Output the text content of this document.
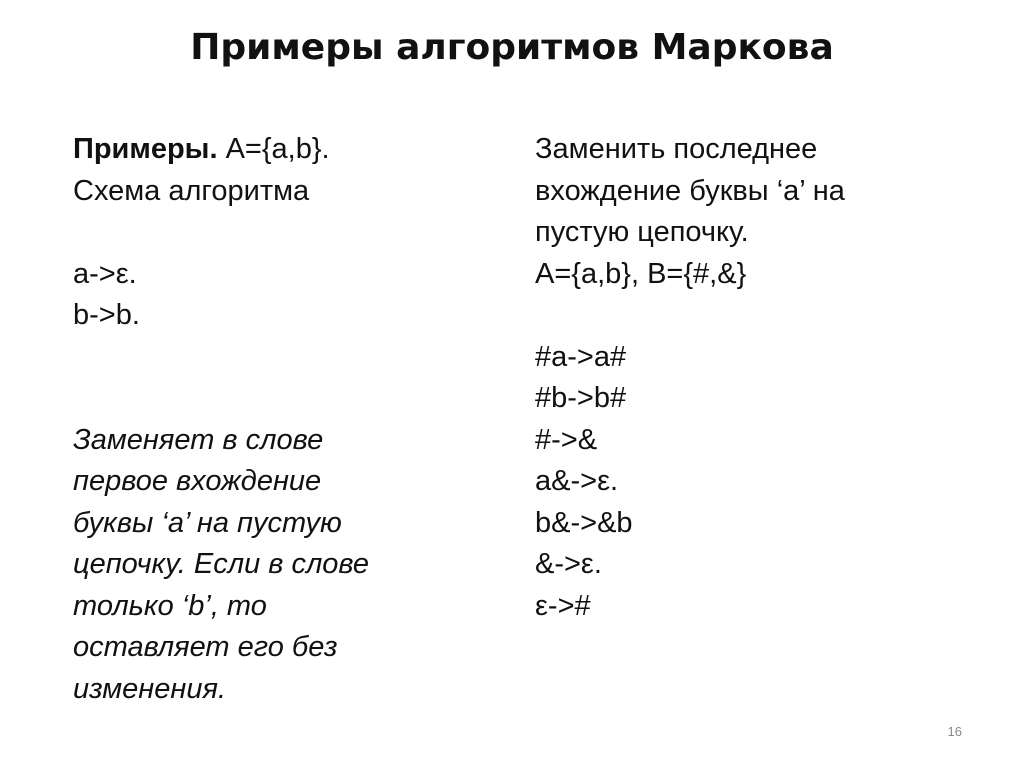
Примеры алгоритмов Маркова
Примеры. A={a,b}.
Схема алгоритма
a->ε.
b->b.
Заменяет в слове
первое вхождение
буквы ‘a’ на пустую
цепочку. Если в слове
только ‘b’, то
оставляет его без
изменения.
Заменить последнее
вхождение буквы ‘a’ на
пустую цепочку.
A={a,b}, B={#,&}
#a->a#
#b->b#
#->&
a&->ε.
b&->&b
&->ε.
ε->#
16
